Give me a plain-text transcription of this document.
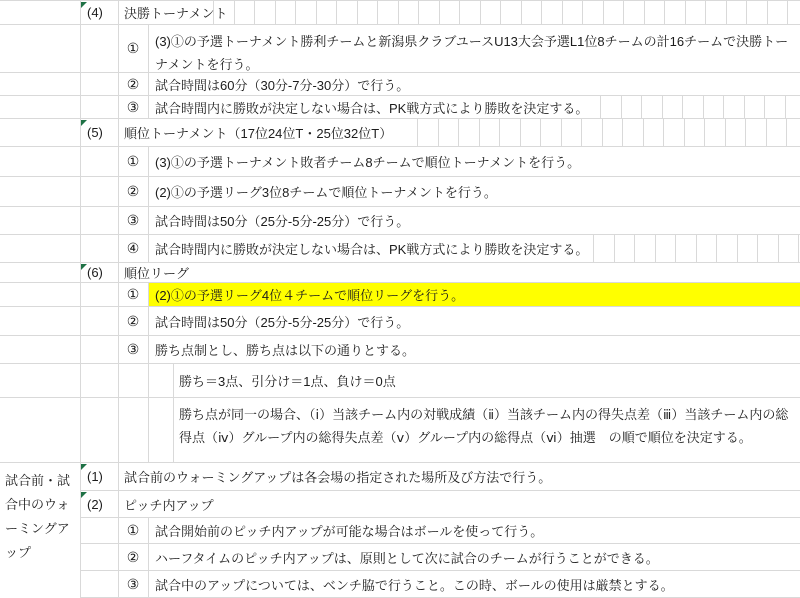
(4) 決勝トーナメント
①	(3)①の予選トーナメント勝利チームと新潟県クラブユースU13大会予選L1位8チームの計16チームで決勝トーナメントを行う。
②	試合時間は60分（30分-7分-30分）で行う。
③	試合時間内に勝敗が決定しない場合は、PK戦方式により勝敗を決定する。
(5) 順位トーナメント（17位24位T・25位32位T）
①	(3)①の予選トーナメント敗者チーム8チームで順位トーナメントを行う。
②	(2)①の予選リーグ3位8チームで順位トーナメントを行う。
③	試合時間は50分（25分-5分-25分）で行う。
④	試合時間内に勝敗が決定しない場合は、PK戦方式により勝敗を決定する。
(6) 順位リーグ
①	(2)①の予選リーグ4位４チームで順位リーグを行う。
②	試合時間は50分（25分-5分-25分）で行う。
③	勝ち点制とし、勝ち点は以下の通りとする。
勝ち＝3点、引分け＝1点、負け＝0点
勝ち点が同一の場合、（ⅰ）当該チーム内の対戦成績（ⅱ）当該チーム内の得失点差（ⅲ）当該チーム内の総得点（ⅳ）グループ内の総得失点差（ⅴ）グループ内の総得点（ⅵ）抽選　の順で順位を決定する。
(1) 試合前のウォーミングアップは各会場の指定された場所及び方法で行う。
(2) ピッチ内アップ
①	試合開始前のピッチ内アップが可能な場合はボールを使って行う。
②	ハーフタイムのピッチ内アップは、原則として次に試合のチームが行うことができる。
③	試合中のアップについては、ベンチ脇で行うこと。この時、ボールの使用は厳禁とする。
試合前・試合中のウォーミングアップ
